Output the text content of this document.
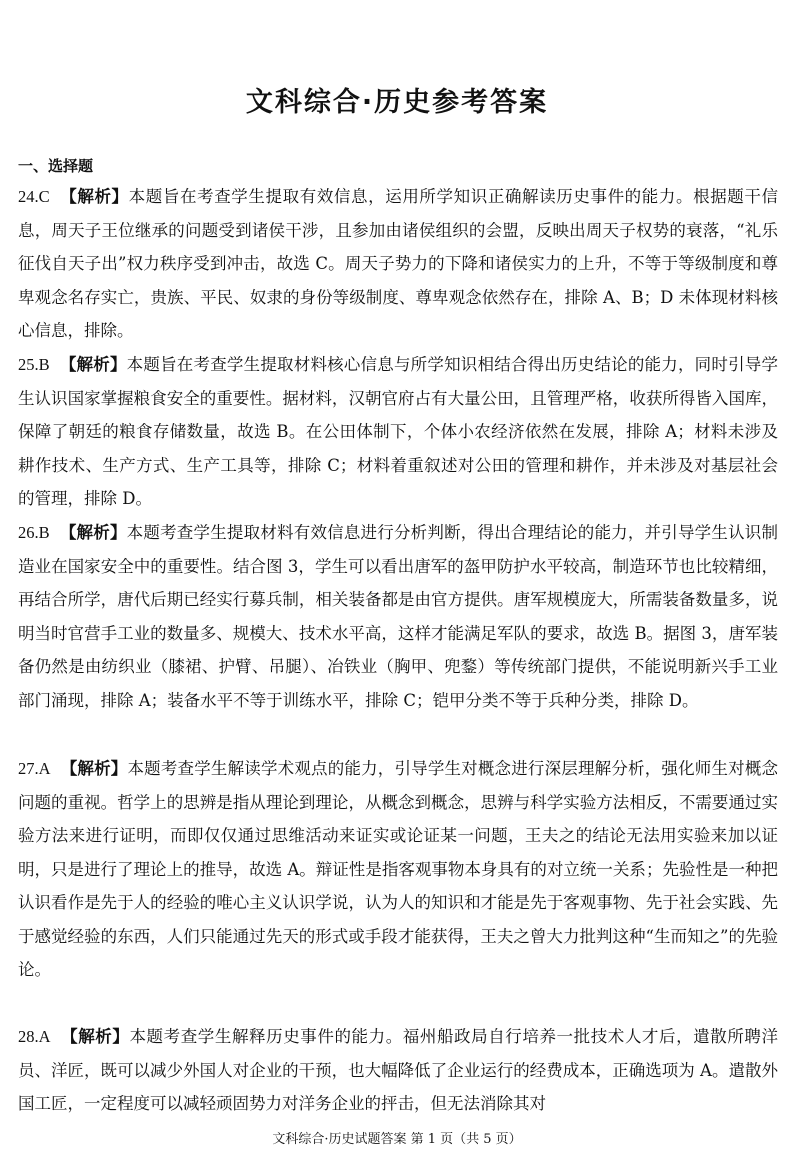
文科综合·历史参考答案
一、选择题
24.C 【解析】本题旨在考查学生提取有效信息，运用所学知识正确解读历史事件的能力。根据题干信息，周天子王位继承的问题受到诸侯干涉，且参加由诸侯组织的会盟，反映出周天子权势的衰落，“礼乐征伐自天子出”权力秩序受到冲击，故选 C。周天子势力的下降和诸侯实力的上升，不等于等级制度和尊卑观念名存实亡，贵族、平民、奴隶的身份等级制度、尊卑观念依然存在，排除 A、B；D 未体现材料核心信息，排除。
25.B 【解析】本题旨在考查学生提取材料核心信息与所学知识相结合得出历史结论的能力，同时引导学生认识国家掌握粮食安全的重要性。据材料，汉朝官府占有大量公田，且管理严格，收获所得皆入国库，保障了朝廷的粮食存储数量，故选 B。在公田体制下，个体小农经济依然在发展，排除 A；材料未涉及耕作技术、生产方式、生产工具等，排除 C；材料着重叙述对公田的管理和耕作，并未涉及对基层社会的管理，排除 D。
26.B 【解析】本题考查学生提取材料有效信息进行分析判断，得出合理结论的能力，并引导学生认识制造业在国家安全中的重要性。结合图 3，学生可以看出唐军的盔甲防护水平较高，制造环节也比较精细，再结合所学，唐代后期已经实行募兵制，相关装备都是由官方提供。唐军规模庞大，所需装备数量多，说明当时官营手工业的数量多、规模大、技术水平高，这样才能满足军队的要求，故选 B。据图 3，唐军装备仍然是由纺织业（膝裙、护臂、吊腿）、冶铁业（胸甲、兜鍪）等传统部门提供，不能说明新兴手工业部门涌现，排除 A；装备水平不等于训练水平，排除 C；铠甲分类不等于兵种分类，排除 D。
27.A 【解析】本题考查学生解读学术观点的能力，引导学生对概念进行深层理解分析，强化师生对概念问题的重视。哲学上的思辨是指从理论到理论，从概念到概念，思辨与科学实验方法相反，不需要通过实验方法来进行证明，而即仅仅通过思维活动来证实或论证某一问题，王夫之的结论无法用实验来加以证明，只是进行了理论上的推导，故选 A。辩证性是指客观事物本身具有的对立统一关系；先验性是一种把认识看作是先于人的经验的唯心主义认识学说，认为人的知识和才能是先于客观事物、先于社会实践、先于感觉经验的东西，人们只能通过先天的形式或手段才能获得，王夫之曾大力批判这种“生而知之”的先验论。
28.A 【解析】本题考查学生解释历史事件的能力。福州船政局自行培养一批技术人才后，遣散所聘洋员、洋匠，既可以减少外国人对企业的干预，也大幅降低了企业运行的经费成本，正确选项为 A。遣散外国工匠，一定程度可以减轻顽固势力对洋务企业的抨击，但无法消除其对
文科综合·历史试题答案 第 1 页（共 5 页）
